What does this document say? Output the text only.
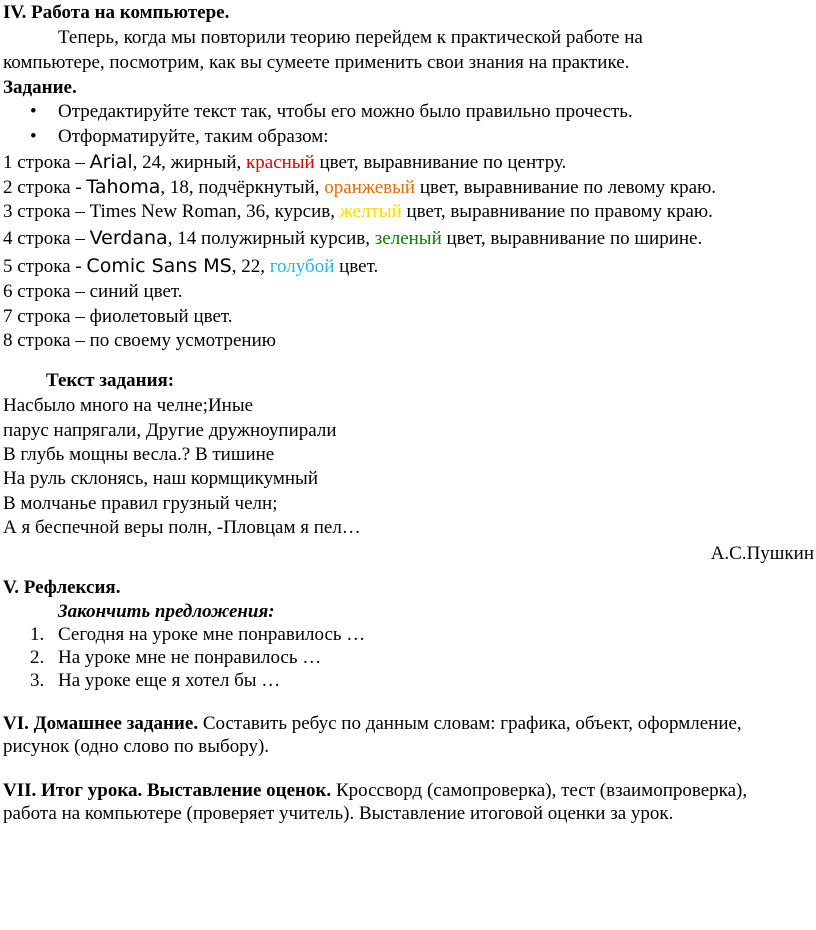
IV. Работа на компьютере.
Теперь, когда мы повторили теорию перейдем к практической работе на
компьютере, посмотрим, как вы сумеете применить свои знания на практике.
Задание.
• Отредактируйте текст так, чтобы его можно было правильно прочесть.
• Отформатируйте, таким образом:
1 строка – Arial, 24, жирный, красный цвет, выравнивание по центру.
2 строка - Tahoma, 18, подчёркнутый, оранжевый цвет, выравнивание по левому краю.
3 строка – Times New Roman, 36, курсив, желтый цвет, выравнивание по правому краю.
4 строка – Verdana, 14 полужирный курсив, зеленый цвет, выравнивание по ширине.
5 строка - Comic Sans MS, 22, голубой цвет.
6 строка – синий цвет.
7 строка – фиолетовый цвет.
8 строка – по своему усмотрению
Текст задания:
Насбыло много на челне;Иные
парус напрягали, Другие дружноупирали
В глубь мощны весла.? В тишине
На руль склонясь, наш кормщикумный
В молчанье правил грузный челн;
А я беспечной веры полн, -Пловцам я пел…
А.С.Пушкин
V. Рефлексия.
Закончить предложения:
1. Сегодня на уроке мне понравилось …
2. На уроке мне не понравилось …
3. На уроке еще я хотел бы …
VI. Домашнее задание. Составить ребус по данным словам: графика, объект, оформление,
рисунок (одно слово по выбору).
VII. Итог урока. Выставление оценок. Кроссворд (самопроверка), тест (взаимопроверка),
работа на компьютере (проверяет учитель). Выставление итоговой оценки за урок.
